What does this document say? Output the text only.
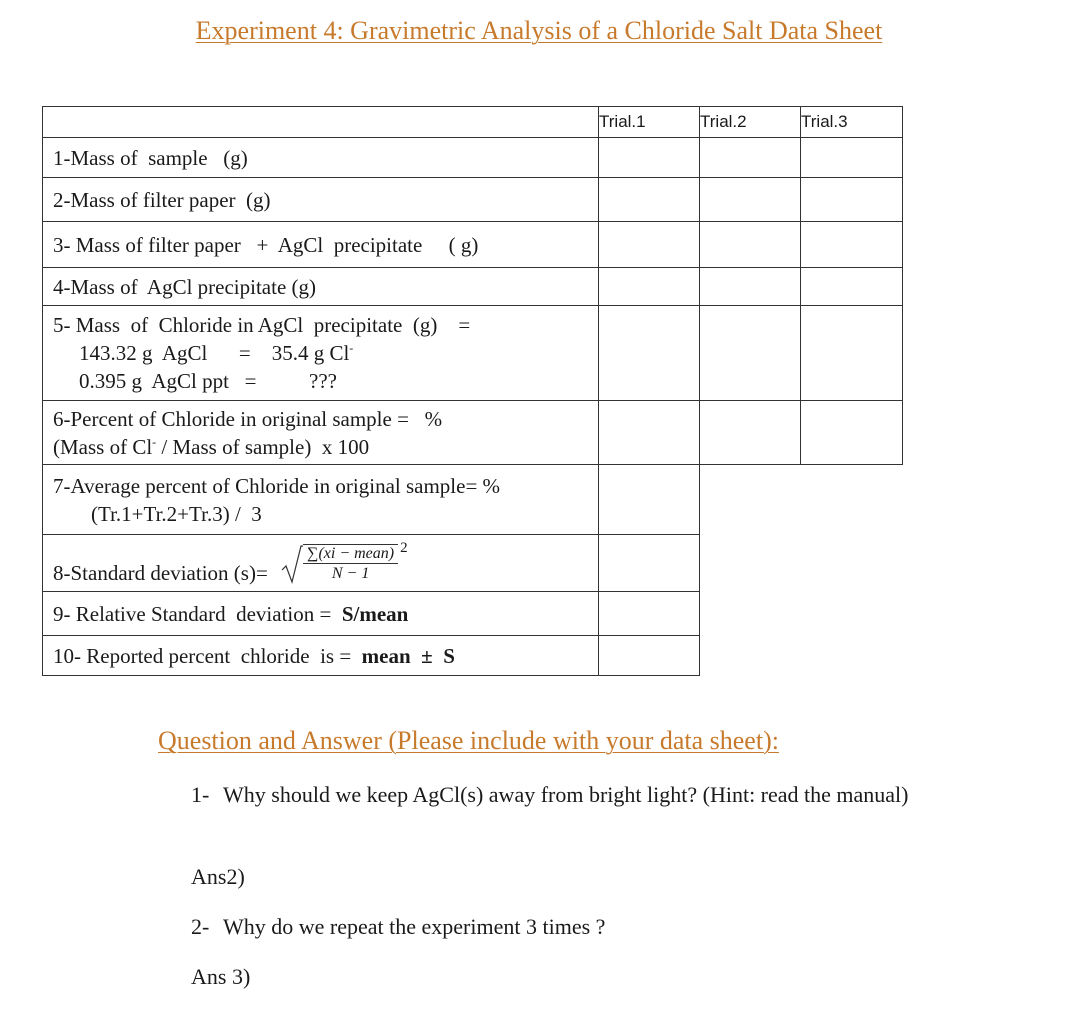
Experiment 4: Gravimetric Analysis of a Chloride Salt Data Sheet
	Trial.1	Trial.2	Trial.3

1-Mass of  sample   (g)			

2-Mass of filter paper  (g)			

3- Mass of filter paper   +  AgCl  precipitate     ( g)			

4-Mass of  AgCl precipitate (g)			

5- Mass  of  Chloride in AgCl  precipitate  (g)    =
143.32 g  AgCl      =    35.4 g Cl-
0.395 g  AgCl ppt   =          ???			

6-Percent of Chloride in original sample =   %
(Mass of Cl- / Mass of sample)  x 100			

7-Average percent of Chloride in original sample= %
(Tr.1+Tr.2+Tr.3) /  3			

8-Standard deviation $(s)= \frac{\text{∑(xi − mean)}}{N - 1} 2$			

9- Relative Standard  deviation =  S/mean			

10- Reported percent  chloride  is =  mean  ±  S			

Question and Answer (Please include with your data sheet):
1- Why should we keep AgCl(s) away from bright light? (Hint: read the manual)
Ans2)
2- Why do we repeat the experiment 3 times ?
Ans 3)
